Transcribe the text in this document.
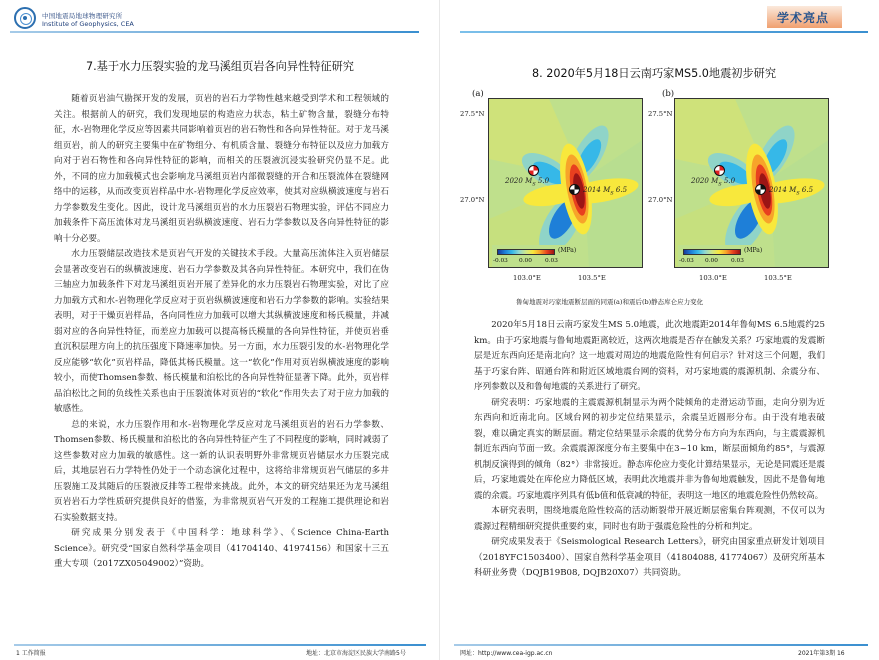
中国地震局地球物理研究所
Institute of Geophysics, CEA
7.基于水力压裂实验的龙马溪组页岩各向异性特征研究

随着页岩油气勘探开发的发展，页岩的岩石力学物性越来越受到学术和工程领域的关注。根据前人的研究，我们发现地层的构造应力状态，粘土矿物含量，裂缝分布特征，水-岩物理化学反应等因素共同影响着页岩的岩石物性和各向异性特征。对于龙马溪组页岩，前人的研究主要集中在矿物组分、有机质含量、裂缝分布特征以及应力加载方向对于岩石物性和各向异性特征的影响，而相关的压裂液沉浸实验研究仍显不足。此外，不同的应力加载模式也会影响龙马溪组页岩内部微裂缝的开合和压裂流体在裂缝网络中的运移，从而改变页岩样品中水-岩物理化学反应效率，使其对应纵横波速度与岩石力学参数发生变化。因此，设计龙马溪组页岩的水力压裂岩石物理实验，评估不同应力加载条件下高压流体对龙马溪组页岩纵横波速度、岩石力学参数以及各向异性特征的影响十分必要。

水力压裂储层改造技术是页岩气开发的关键技术手段。大量高压流体注入页岩储层会显著改变岩石的纵横波速度、岩石力学参数及其各向异性特征。本研究中，我们在伪三轴应力加载条件下对龙马溪组页岩开展了差异化的水力压裂岩石物理实验，对比了应力加载方式和水-岩物理化学反应对于页岩纵横波速度和岩石力学参数的影响。实验结果表明，对于干燥页岩样品，各向同性应力加载可以增大其纵横波速度和杨氏模量，并减弱对应的各向异性特征，而差应力加载可以提高杨氏模量的各向异性特征，并使页岩垂直沉积层理方向上的抗压强度下降速率加快。另一方面，水力压裂引发的水-岩物理化学反应能够“软化”页岩样品，降低其杨氏模量。这一“软化”作用对页岩纵横波速度的影响较小，而使Thomsen参数、杨氏模量和泊松比的各向异性特征显著下降。此外，页岩样品泊松比之间的负线性关系也由于压裂流体对页岩的“软化”作用失去了对于应力加载的敏感性。

总的来说，水力压裂作用和水-岩物理化学反应对龙马溪组页岩的岩石力学参数、Thomsen参数、杨氏模量和泊松比的各向异性特征产生了不同程度的影响，同时减弱了这些参数对应力加载的敏感性。这一新的认识表明野外非常规页岩储层水力压裂完成后，其地层岩石力学特性仍处于一个动态演化过程中，这将给非常规页岩气储层的多井压裂施工及其随后的压裂液反排等工程带来挑战。此外，本文的研究结果还为龙马溪组页岩岩石力学性质研究提供良好的借鉴，为非常规页岩气开发的工程施工提供理论和岩石实验数据支持。

研究成果分别发表于《中国科学：地球科学》、《Science China-Earth Science》。研究受“国家自然科学基金项目（41704140、41974156）和国家十三五重大专项（2017ZX05049002）”资助。

1 工作简报	地址：北京市海淀区民族大学南路5号
学术亮点
8. 2020年5月18日云南巧家MS5.0地震初步研究
(a)
27.5°N
27.0°N
2020 $M_S$ 5.0
2014 $M_S$ 6.5
(MPa)
-0.03 0.00 0.03
103.0°E	103.5°E
(b)
27.5°N
27.0°N
2020 $M_S$ 5.0
2014 $M_S$ 6.5
(MPa)
-0.03 0.00 0.03
103.0°E	103.5°E
鲁甸地震对巧家地震断层面的同震(a)和震后(b)静态库仑应力变化

2020年5月18日云南巧家发生MS 5.0地震，此次地震距2014年鲁甸MS 6.5地震约25 km。由于巧家地震与鲁甸地震距离较近，这两次地震是否存在触发关系？巧家地震的发震断层是近东西向还是南北向？这一地震对周边的地震危险性有何启示？针对这三个问题，我们基于巧家台阵、昭通台阵和附近区域地震台网的资料，对巧家地震的震源机制、余震分布、序列参数以及和鲁甸地震的关系进行了研究。

研究表明：巧家地震的主震震源机制显示为两个陡倾角的走滑运动节面，走向分别为近东西向和近南北向。区域台网的初步定位结果显示，余震呈近圆形分布。由于没有地表破裂，难以确定真实的断层面。精定位结果显示余震的优势分布方向为东西向，与主震震源机制近东西向节面一致。余震震源深度分布主要集中在3~10 km，断层面倾角约85°，与震源机制反演得到的倾角（82°）非常接近。静态库伦应力变化计算结果显示，无论是同震还是震后，巧家地震处在库伦应力降低区域，表明此次地震并非为鲁甸地震触发，因此不是鲁甸地震的余震。巧家地震序列具有低b值和低衰减的特征，表明这一地区的地震危险性仍然较高。

本研究表明，围绕地震危险性较高的活动断裂带开展近断层密集台阵观测，不仅可以为震源过程精细研究提供重要约束，同时也有助于强震危险性的分析和判定。

研究成果发表于《Seismological Research Letters》，研究由国家重点研发计划项目（2018YFC1503400）、国家自然科学基金项目（41804088, 41774067）及研究所基本科研业务费（DQJB19B08, DQJB20X07）共同资助。

网址：http://www.cea-igp.ac.cn	2021年第3期 16
